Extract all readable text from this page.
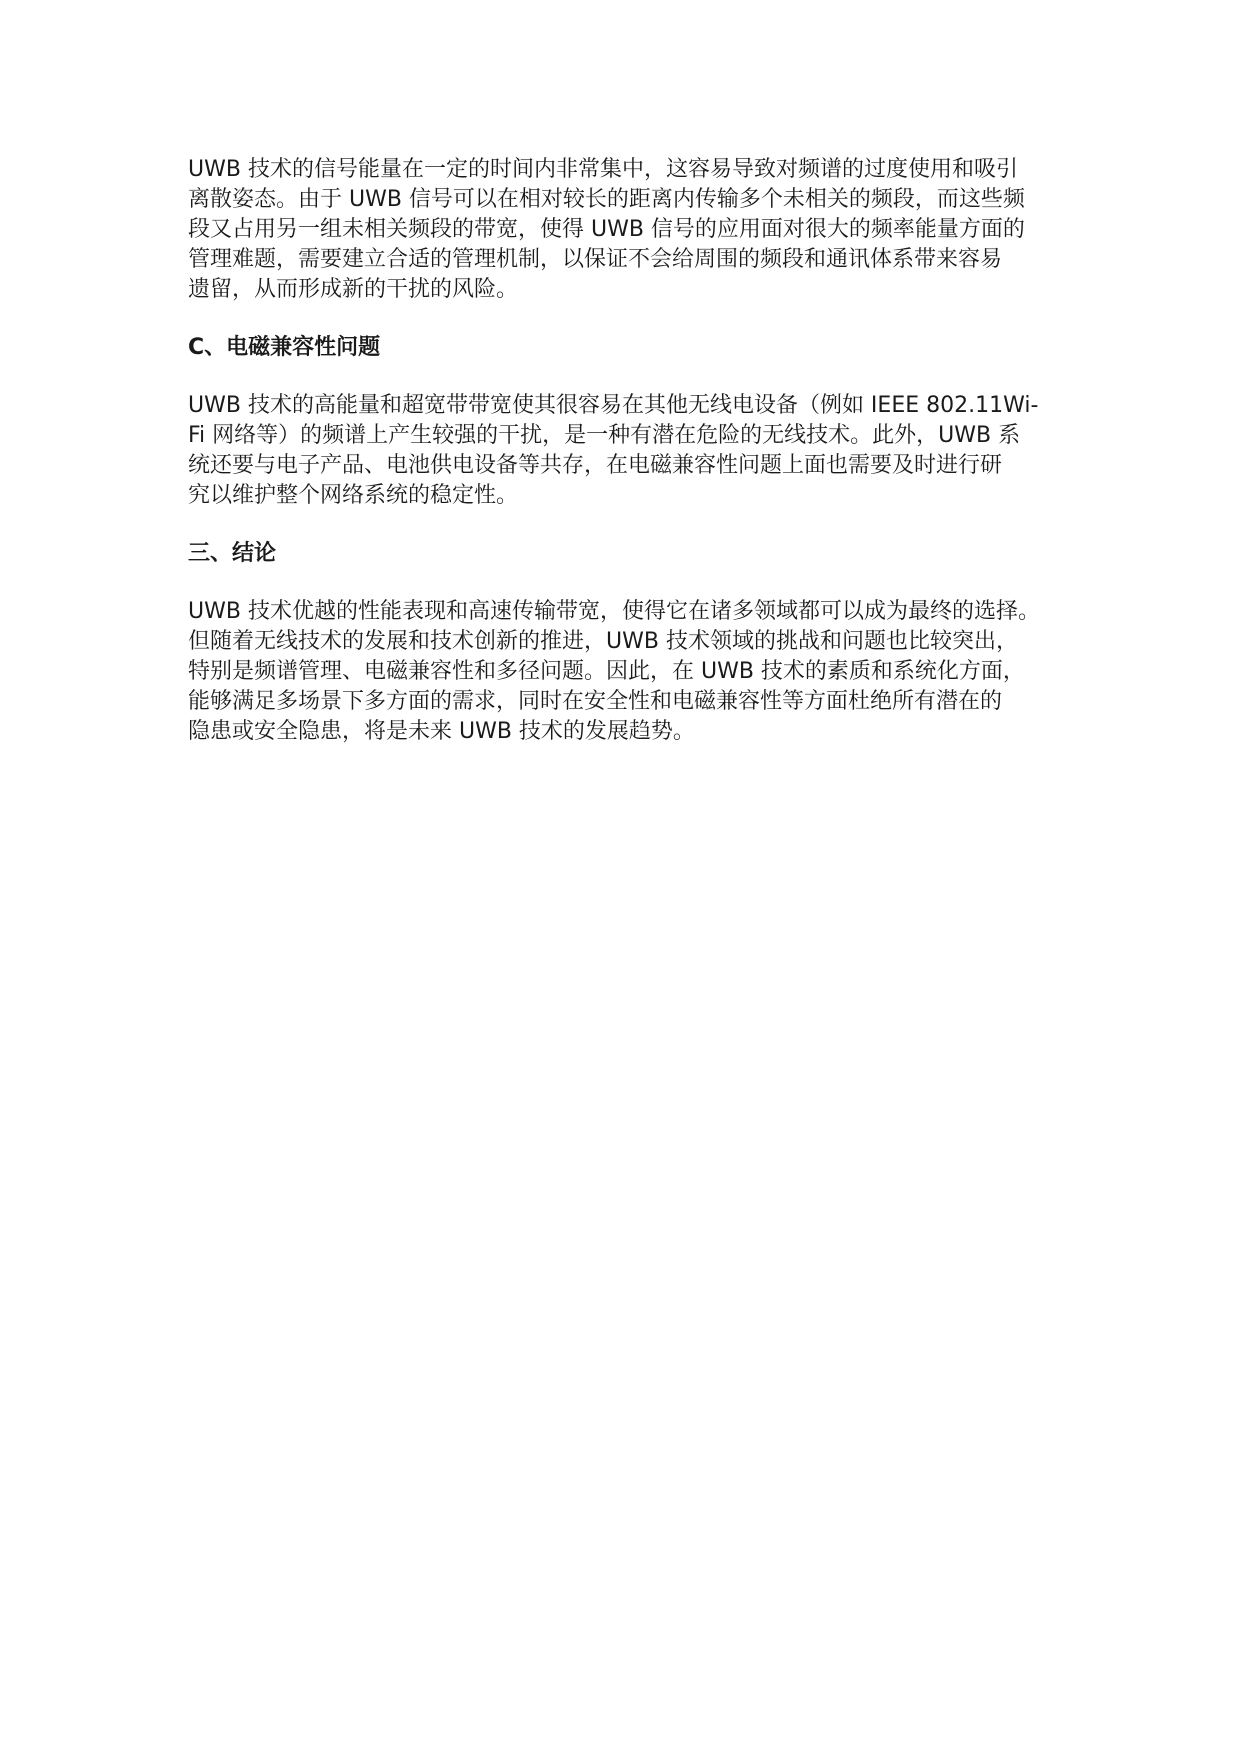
UWB 技术的信号能量在一定的时间内非常集中，这容易导致对频谱的过度使用和吸引
离散姿态。由于 UWB 信号可以在相对较长的距离内传输多个未相关的频段，而这些频
段又占用另一组未相关频段的带宽，使得 UWB 信号的应用面对很大的频率能量方面的
管理难题，需要建立合适的管理机制，以保证不会给周围的频段和通讯体系带来容易
遗留，从而形成新的干扰的风险。

C、电磁兼容性问题

UWB 技术的高能量和超宽带带宽使其很容易在其他无线电设备（例如 IEEE 802.11Wi-
Fi 网络等）的频谱上产生较强的干扰，是一种有潜在危险的无线技术。此外，UWB 系
统还要与电子产品、电池供电设备等共存，在电磁兼容性问题上面也需要及时进行研
究以维护整个网络系统的稳定性。

三、结论

UWB 技术优越的性能表现和高速传输带宽，使得它在诸多领域都可以成为最终的选择。
但随着无线技术的发展和技术创新的推进，UWB 技术领域的挑战和问题也比较突出，
特别是频谱管理、电磁兼容性和多径问题。因此，在 UWB 技术的素质和系统化方面，
能够满足多场景下多方面的需求，同时在安全性和电磁兼容性等方面杜绝所有潜在的
隐患或安全隐患，将是未来 UWB 技术的发展趋势。
